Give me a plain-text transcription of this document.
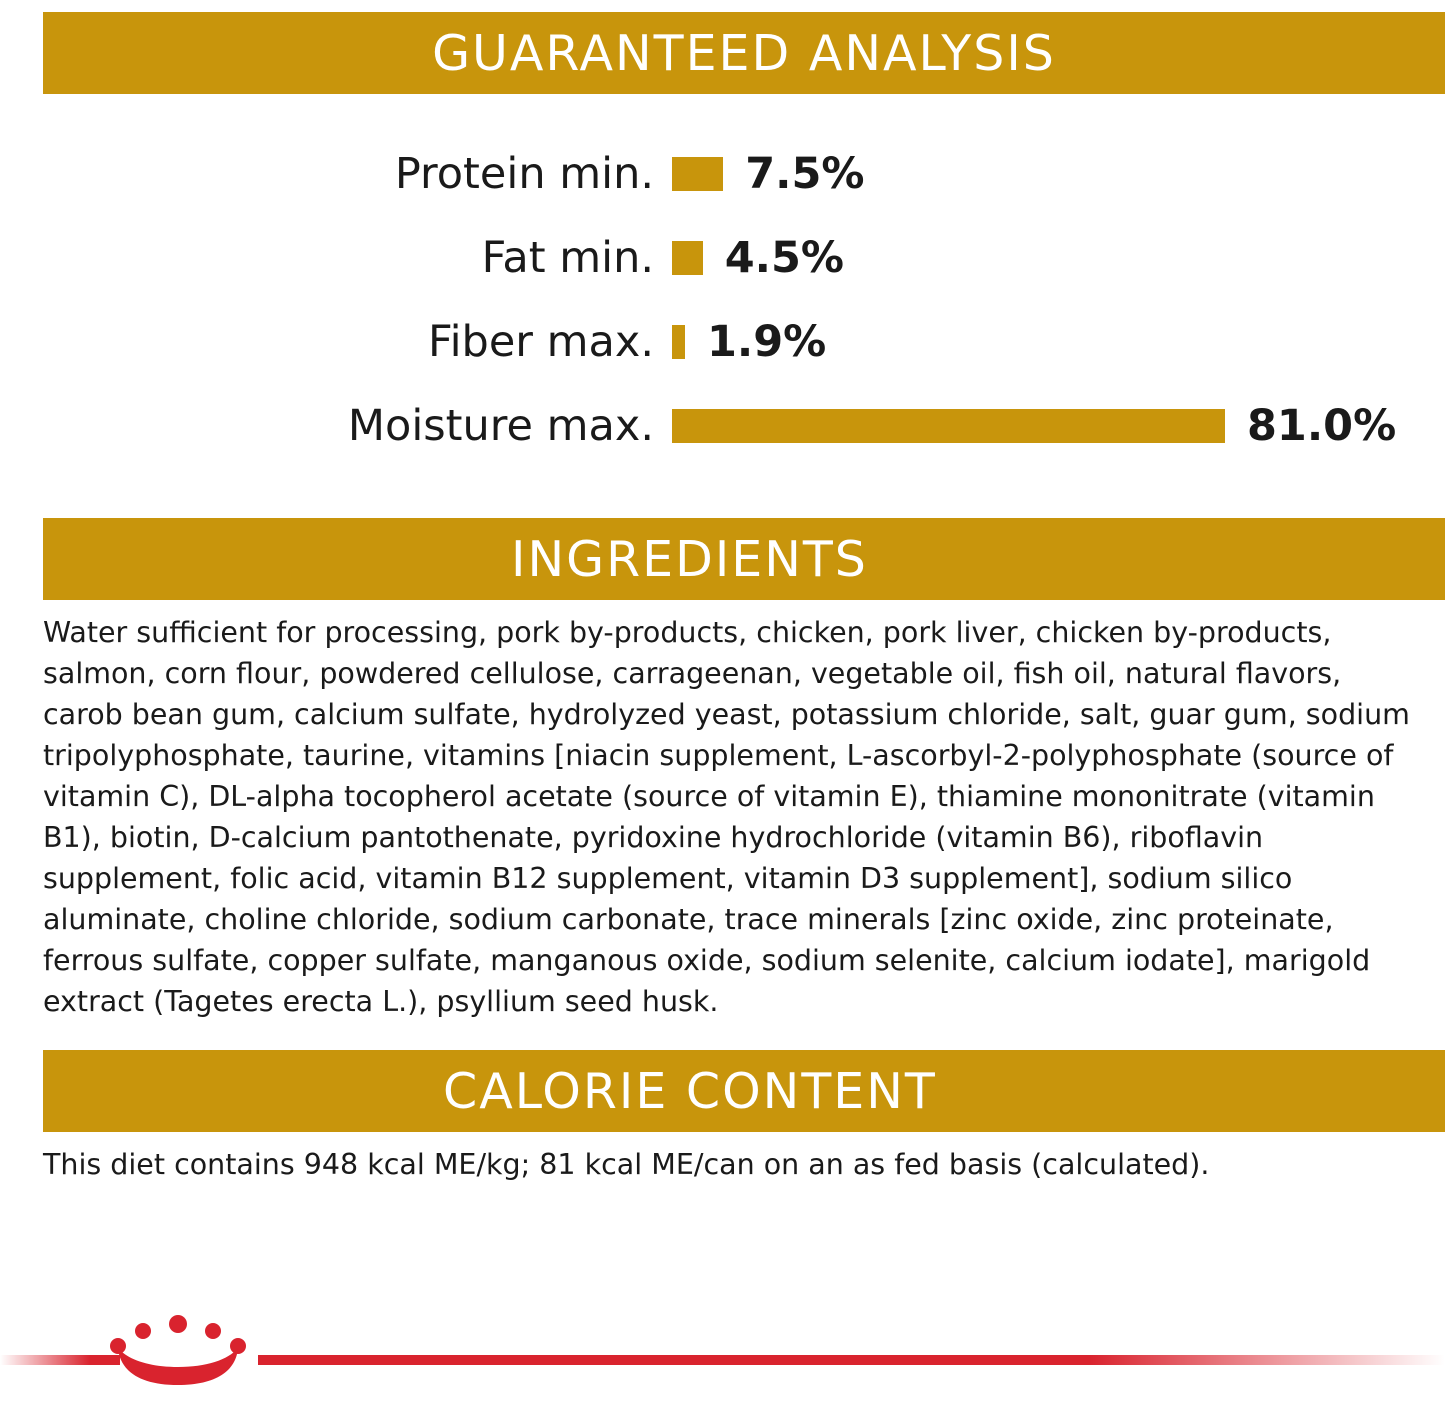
GUARANTEED ANALYSIS
Protein min.	7.5%
Fat min.	4.5%
Fiber max.	1.9%
Moisture max.	81.0%
INGREDIENTS
Water sufficient for processing, pork by-products, chicken, pork liver, chicken by-products, salmon, corn flour, powdered cellulose, carrageenan, vegetable oil, fish oil, natural flavors, carob bean gum, calcium sulfate, hydrolyzed yeast, potassium chloride, salt, guar gum, sodium tripolyphosphate, taurine, vitamins [niacin supplement, L-ascorbyl-2-polyphosphate (source of vitamin C), DL-alpha tocopherol acetate (source of vitamin E), thiamine mononitrate (vitamin B1), biotin, D-calcium pantothenate, pyridoxine hydrochloride (vitamin B6), riboflavin supplement, folic acid, vitamin B12 supplement, vitamin D3 supplement], sodium silico aluminate, choline chloride, sodium carbonate, trace minerals [zinc oxide, zinc proteinate, ferrous sulfate, copper sulfate, manganous oxide, sodium selenite, calcium iodate], marigold extract (Tagetes erecta L.), psyllium seed husk.
CALORIE CONTENT
This diet contains 948 kcal ME/kg; 81 kcal ME/can on an as fed basis (calculated).
